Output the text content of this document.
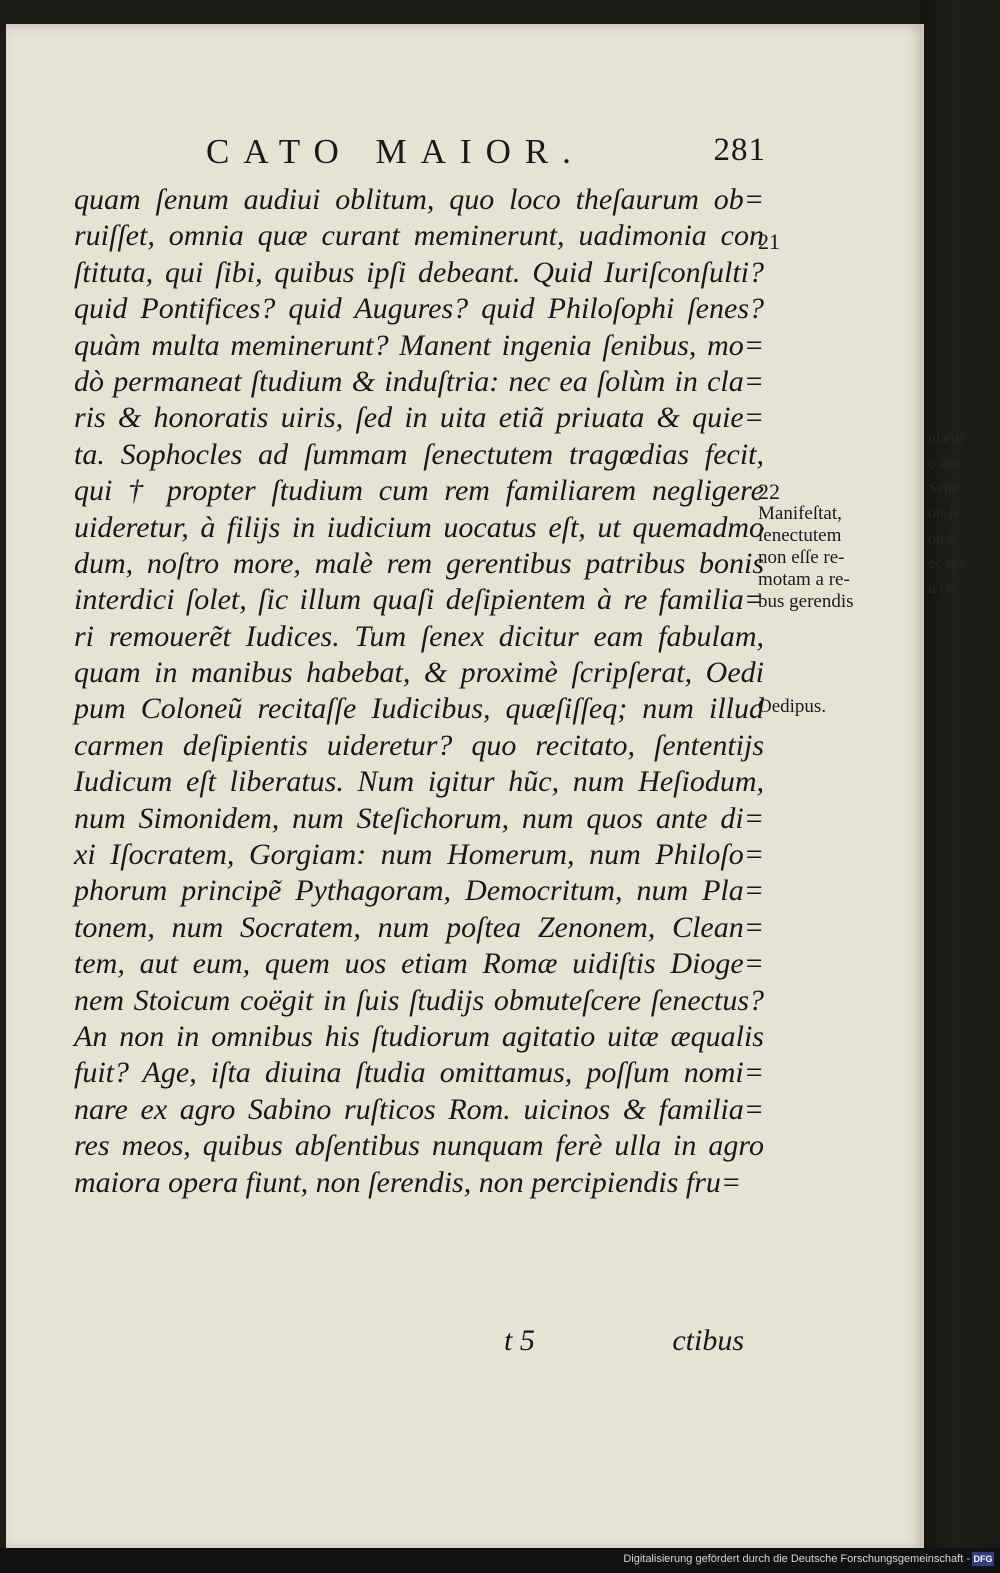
ula ui
o ſen
Sene
oſt ſe
on e
ec rpi
u ce
CATO MAIOR.	281
quam ſenum audiui oblitum, quo loco theſaurum ob=
ruiſſet, omnia quæ curant meminerunt, uadimonia con
ſtituta, qui ſibi, quibus ipſi debeant. Quid Iuriſconſulti?
quid Pontifices? quid Augures? quid Philoſophi ſenes?
quàm multa meminerunt? Manent ingenia ſenibus, mo=
dò permaneat ſtudium & induſtria: nec ea ſolùm in cla=
ris & honoratis uiris, ſed in uita etiã priuata & quie=
ta. Sophocles ad ſummam ſenectutem tragœdias fecit,
qui † propter ſtudium cum rem familiarem negligere
uideretur, à filijs in iudicium uocatus eſt, ut quemadmo
dum, noſtro more, malè rem gerentibus patribus bonis
interdici ſolet, ſic illum quaſi deſipientem à re familia=
ri remouerẽt Iudices. Tum ſenex dicitur eam fabulam,
quam in manibus habebat, & proximè ſcripſerat, Oedi
pum Coloneũ recitaſſe Iudicibus, quæſiſſeq; num illud
carmen deſipientis uideretur? quo recitato, ſententijs
Iudicum eſt liberatus. Num igitur hũc, num Heſiodum,
num Simonidem, num Steſichorum, num quos ante di=
xi Iſocratem, Gorgiam: num Homerum, num Philoſo=
phorum principẽ Pythagoram, Democritum, num Pla=
tonem, num Socratem, num poſtea Zenonem, Clean=
tem, aut eum, quem uos etiam Romæ uidiſtis Dioge=
nem Stoicum coëgit in ſuis ſtudijs obmuteſcere ſenectus?
An non in omnibus his ſtudiorum agitatio uitæ æqualis
fuit? Age, iſta diuina ſtudia omittamus, poſſum nomi=
nare ex agro Sabino ruſticos Rom. uicinos & familia=
res meos, quibus abſentibus nunquam ferè ulla in agro
maiora opera fiunt, non ſerendis, non percipiendis fru=
t 5	ctibus
21
22
Manifeſtat,
ſenectutem
non eſſe re-
motam a re-
bus gerendis
Oedipus.
Digitalisierung gefördert durch die Deutsche Forschungsgemeinschaft - DFG
